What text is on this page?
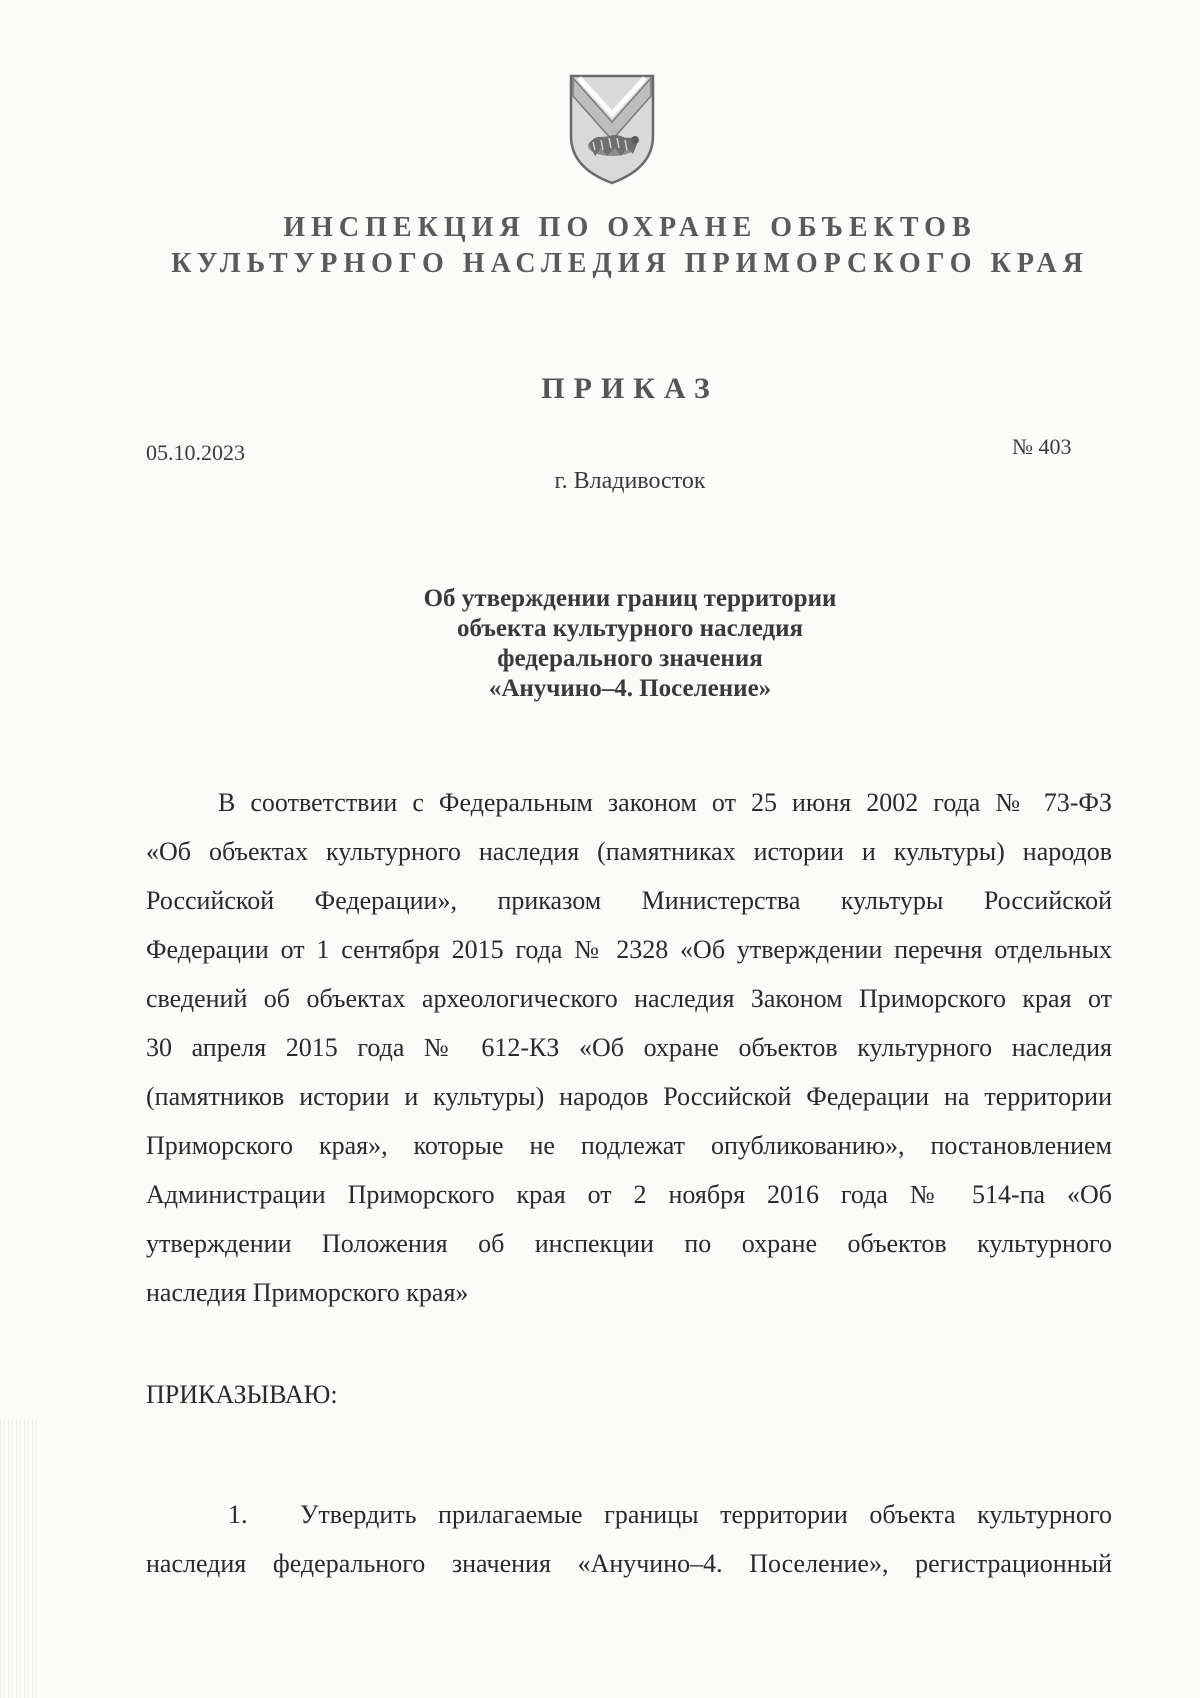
ИНСПЕКЦИЯ ПО ОХРАНЕ ОБЪЕКТОВ
КУЛЬТУРНОГО НАСЛЕДИЯ ПРИМОРСКОГО КРАЯ
ПРИКАЗ
05.10.2023	№ 403
г. Владивосток
Об утверждении границ территории
объекта культурного наследия
федерального значения
«Анучино–4. Поселение»
В соответствии с Федеральным законом от 25 июня 2002 года № 73-ФЗ
«Об объектах культурного наследия (памятниках истории и культуры) народов
Российской Федерации», приказом Министерства культуры Российской
Федерации от 1 сентября 2015 года № 2328 «Об утверждении перечня отдельных
сведений об объектах археологического наследия Законом Приморского края от
30 апреля 2015 года № 612-КЗ «Об охране объектов культурного наследия
(памятников истории и культуры) народов Российской Федерации на территории
Приморского края», которые не подлежат опубликованию», постановлением
Администрации Приморского края от 2 ноября 2016 года № 514-па «Об
утверждении Положения об инспекции по охране объектов культурного
наследия Приморского края»
ПРИКАЗЫВАЮ:
1. Утвердить прилагаемые границы территории объекта культурного
наследия федерального значения «Анучино–4. Поселение», регистрационный
